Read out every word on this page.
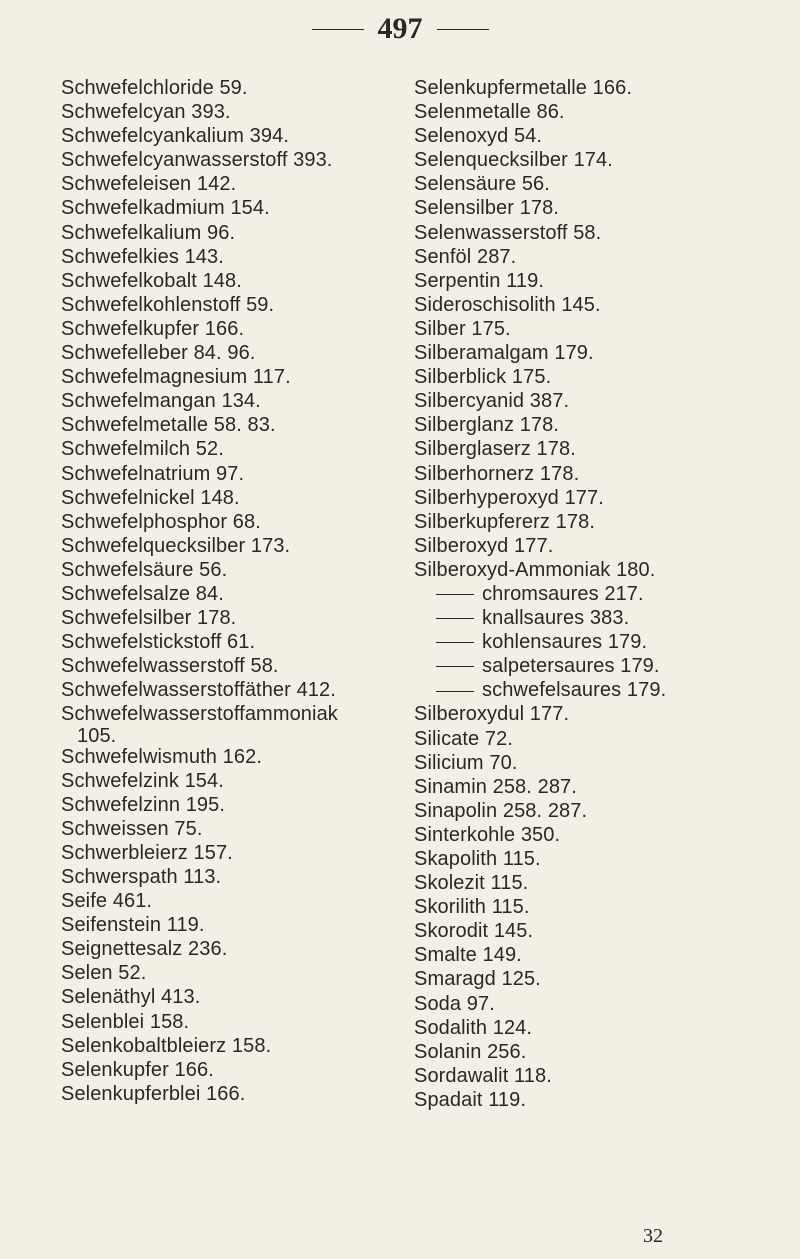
497
Schwefelchloride 59.
Schwefelcyan 393.
Schwefelcyankalium 394.
Schwefelcyanwasserstoff 393.
Schwefeleisen 142.
Schwefelkadmium 154.
Schwefelkalium 96.
Schwefelkies 143.
Schwefelkobalt 148.
Schwefelkohlenstoff 59.
Schwefelkupfer 166.
Schwefelleber 84. 96.
Schwefelmagnesium 117.
Schwefelmangan 134.
Schwefelmetalle 58. 83.
Schwefelmilch 52.
Schwefelnatrium 97.
Schwefelnickel 148.
Schwefelphosphor 68.
Schwefelquecksilber 173.
Schwefelsäure 56.
Schwefelsalze 84.
Schwefelsilber 178.
Schwefelstickstoff 61.
Schwefelwasserstoff 58.
Schwefelwasserstoffäther 412.
Schwefelwasserstoffammoniak
105.
Schwefelwismuth 162.
Schwefelzink 154.
Schwefelzinn 195.
Schweissen 75.
Schwerbleierz 157.
Schwerspath 113.
Seife 461.
Seifenstein 119.
Seignettesalz 236.
Selen 52.
Selenäthyl 413.
Selenblei 158.
Selenkobaltbleierz 158.
Selenkupfer 166.
Selenkupferblei 166.
Selenkupfermetalle 166.
Selenmetalle 86.
Selenoxyd 54.
Selenquecksilber 174.
Selensäure 56.
Selensilber 178.
Selenwasserstoff 58.
Senföl 287.
Serpentin 119.
Sideroschisolith 145.
Silber 175.
Silberamalgam 179.
Silberblick 175.
Silbercyanid 387.
Silberglanz 178.
Silberglaserz 178.
Silberhornerz 178.
Silberhyperoxyd 177.
Silberkupfererz 178.
Silberoxyd 177.
Silberoxyd-Ammoniak 180.
chromsaures 217.
knallsaures 383.
kohlensaures 179.
salpetersaures 179.
schwefelsaures 179.
Silberoxydul 177.
Silicate 72.
Silicium 70.
Sinamin 258. 287.
Sinapolin 258. 287.
Sinterkohle 350.
Skapolith 115.
Skolezit 115.
Skorilith 115.
Skorodit 145.
Smalte 149.
Smaragd 125.
Soda 97.
Sodalith 124.
Solanin 256.
Sordawalit 118.
Spadait 119.
32
